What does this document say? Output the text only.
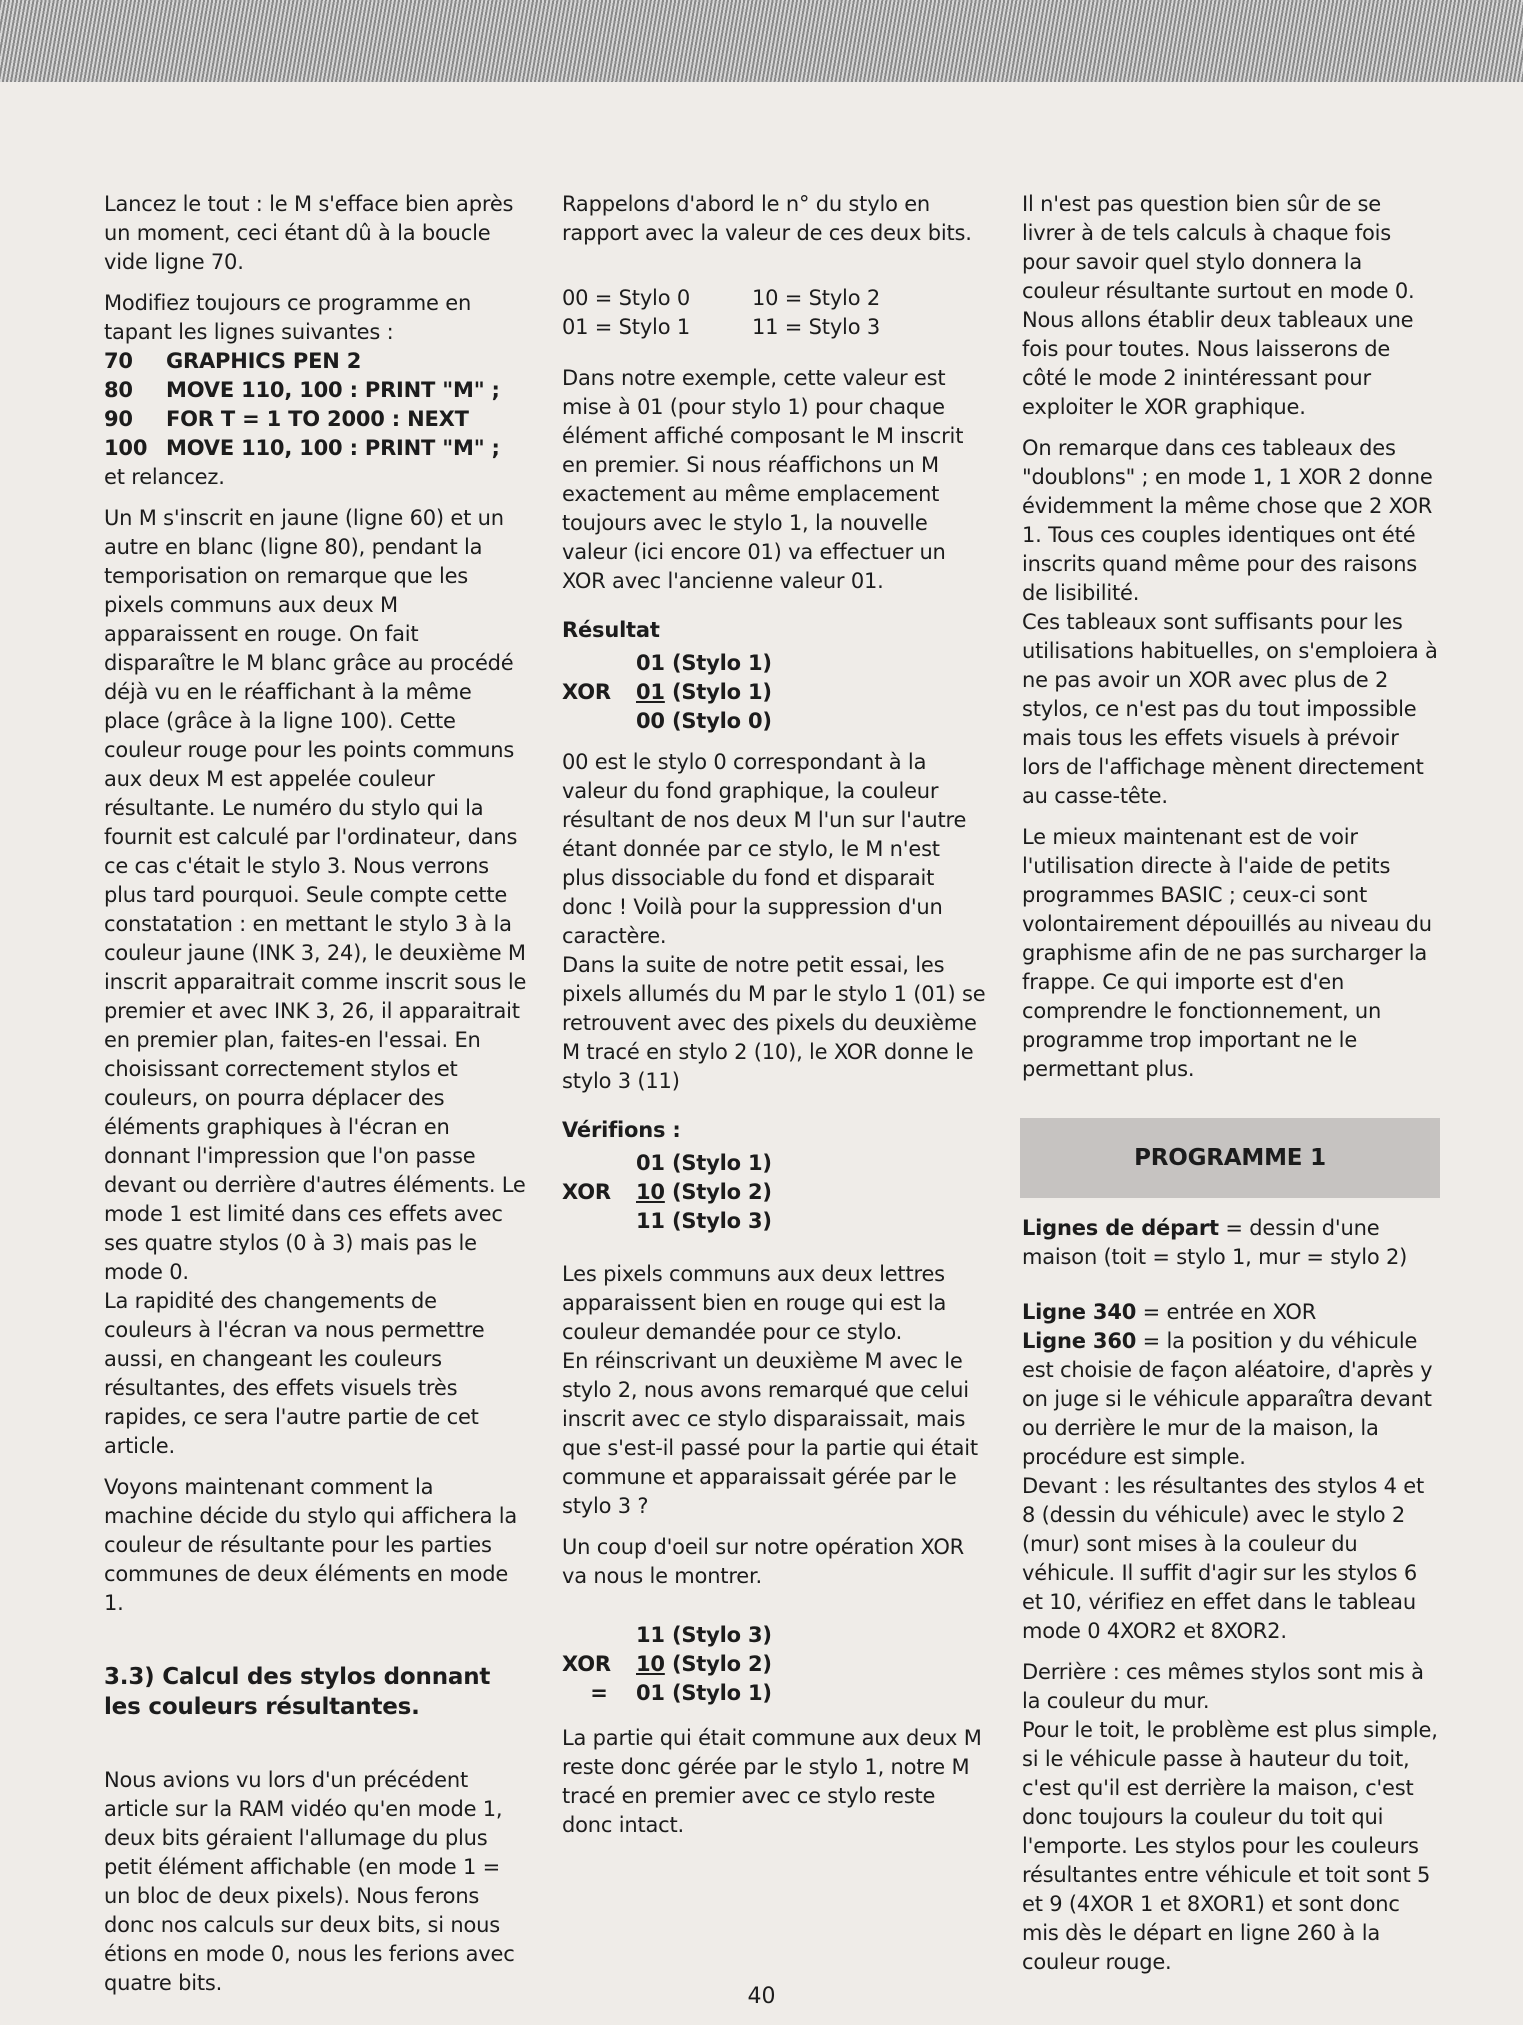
Lancez le tout : le M s'efface bien après un moment, ceci étant dû à la boucle vide ligne 70.

Modifiez toujours ce programme en tapant les lignes suivantes :

70 GRAPHICS PEN 2
80 MOVE 110, 100 : PRINT "M" ;
90 FOR T = 1 TO 2000 : NEXT
100 MOVE 110, 100 : PRINT "M" ;

et relancez.

Un M s'inscrit en jaune (ligne 60) et un autre en blanc (ligne 80), pendant la temporisation on remarque que les pixels communs aux deux M apparaissent en rouge. On fait disparaître le M blanc grâce au procédé déjà vu en le réaffichant à la même place (grâce à la ligne 100). Cette couleur rouge pour les points communs aux deux M est appelée couleur résultante. Le numéro du stylo qui la fournit est calculé par l'ordinateur, dans ce cas c'était le stylo 3. Nous verrons plus tard pourquoi. Seule compte cette constatation : en mettant le stylo 3 à la couleur jaune (INK 3, 24), le deuxième M inscrit apparaitrait comme inscrit sous le premier et avec INK 3, 26, il apparaitrait en premier plan, faites-en l'essai. En choisissant correctement stylos et couleurs, on pourra déplacer des éléments graphiques à l'écran en donnant l'impression que l'on passe devant ou derrière d'autres éléments. Le mode 1 est limité dans ces effets avec ses quatre stylos (0 à 3) mais pas le mode 0.

La rapidité des changements de couleurs à l'écran va nous permettre aussi, en changeant les couleurs résultantes, des effets visuels très rapides, ce sera l'autre partie de cet article.

Voyons maintenant comment la machine décide du stylo qui affichera la couleur de résultante pour les parties communes de deux éléments en mode 1.

3.3) Calcul des stylos donnant les couleurs résultantes.

Nous avions vu lors d'un précédent article sur la RAM vidéo qu'en mode 1, deux bits géraient l'allumage du plus petit élément affichable (en mode 1 = un bloc de deux pixels). Nous ferons donc nos calculs sur deux bits, si nous étions en mode 0, nous les ferions avec quatre bits.

Rappelons d'abord le n° du stylo en rapport avec la valeur de ces deux bits.

00 = Stylo 0	10 = Stylo 2
01 = Stylo 1	11 = Stylo 3

Dans notre exemple, cette valeur est mise à 01 (pour stylo 1) pour chaque élément affiché composant le M inscrit en premier. Si nous réaffichons un M exactement au même emplacement toujours avec le stylo 1, la nouvelle valeur (ici encore 01) va effectuer un XOR avec l'ancienne valeur 01.

Résultat
01 (Stylo 1)
XOR 01 (Stylo 1)
00 (Stylo 0)

00 est le stylo 0 correspondant à la valeur du fond graphique, la couleur résultant de nos deux M l'un sur l'autre étant donnée par ce stylo, le M n'est plus dissociable du fond et disparait donc ! Voilà pour la suppression d'un caractère.

Dans la suite de notre petit essai, les pixels allumés du M par le stylo 1 (01) se retrouvent avec des pixels du deuxième M tracé en stylo 2 (10), le XOR donne le stylo 3 (11)

Vérifions :
01 (Stylo 1)
XOR 10 (Stylo 2)
11 (Stylo 3)

Les pixels communs aux deux lettres apparaissent bien en rouge qui est la couleur demandée pour ce stylo.

En réinscrivant un deuxième M avec le stylo 2, nous avons remarqué que celui inscrit avec ce stylo disparaissait, mais que s'est-il passé pour la partie qui était commune et apparaissait gérée par le stylo 3 ?

Un coup d'oeil sur notre opération XOR va nous le montrer.

11 (Stylo 3)
XOR 10 (Stylo 2)
= 01 (Stylo 1)

La partie qui était commune aux deux M reste donc gérée par le stylo 1, notre M tracé en premier avec ce stylo reste donc intact.

Il n'est pas question bien sûr de se livrer à de tels calculs à chaque fois pour savoir quel stylo donnera la couleur résultante surtout en mode 0. Nous allons établir deux tableaux une fois pour toutes. Nous laisserons de côté le mode 2 inintéressant pour exploiter le XOR graphique.

On remarque dans ces tableaux des "doublons" ; en mode 1, 1 XOR 2 donne évidemment la même chose que 2 XOR 1. Tous ces couples identiques ont été inscrits quand même pour des raisons de lisibilité.

Ces tableaux sont suffisants pour les utilisations habituelles, on s'emploiera à ne pas avoir un XOR avec plus de 2 stylos, ce n'est pas du tout impossible mais tous les effets visuels à prévoir lors de l'affichage mènent directement au casse-tête.

Le mieux maintenant est de voir l'utilisation directe à l'aide de petits programmes BASIC ; ceux-ci sont volontairement dépouillés au niveau du graphisme afin de ne pas surcharger la frappe. Ce qui importe est d'en comprendre le fonctionnement, un programme trop important ne le permettant plus.

PROGRAMME 1

Lignes de départ = dessin d'une maison (toit = stylo 1, mur = stylo 2)

Ligne 340 = entrée en XOR

Ligne 360 = la position y du véhicule est choisie de façon aléatoire, d'après y on juge si le véhicule apparaîtra devant ou derrière le mur de la maison, la procédure est simple.

Devant : les résultantes des stylos 4 et 8 (dessin du véhicule) avec le stylo 2 (mur) sont mises à la couleur du véhicule. Il suffit d'agir sur les stylos 6 et 10, vérifiez en effet dans le tableau mode 0 4XOR2 et 8XOR2.

Derrière : ces mêmes stylos sont mis à la couleur du mur.

Pour le toit, le problème est plus simple, si le véhicule passe à hauteur du toit, c'est qu'il est derrière la maison, c'est donc toujours la couleur du toit qui l'emporte. Les stylos pour les couleurs résultantes entre véhicule et toit sont 5 et 9 (4XOR 1 et 8XOR1) et sont donc mis dès le départ en ligne 260 à la couleur rouge.

40
